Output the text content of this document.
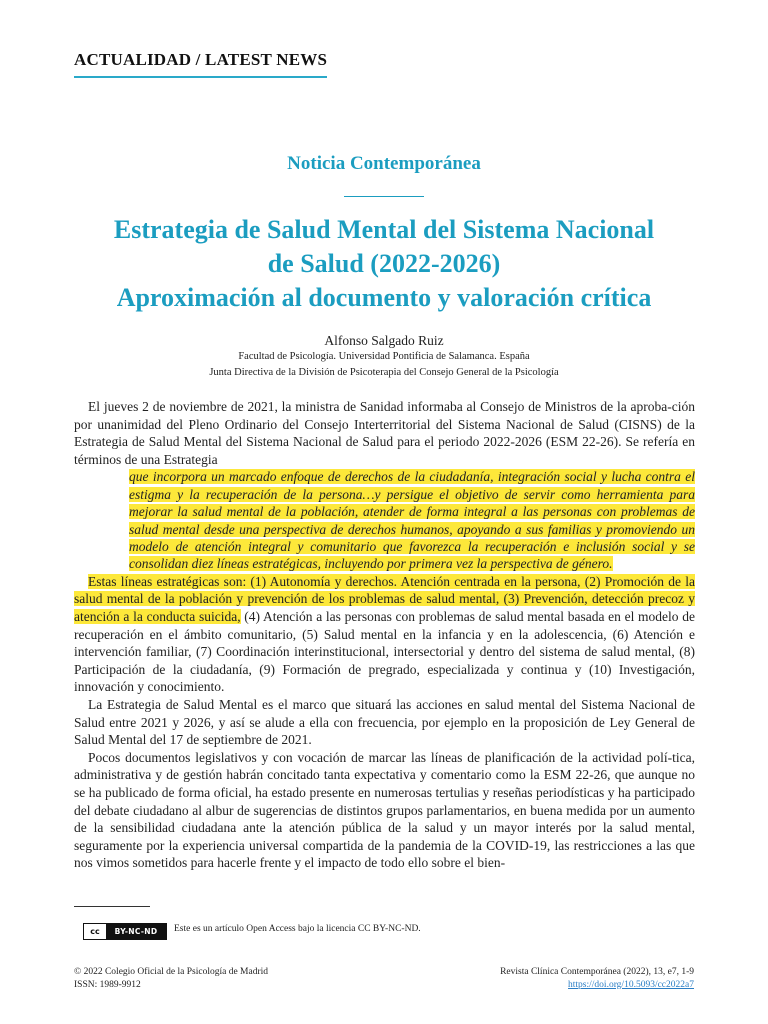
ACTUALIDAD / LATEST NEWS
Noticia Contemporánea
Estrategia de Salud Mental del Sistema Nacional
de Salud (2022-2026)
Aproximación al documento y valoración crítica
Alfonso Salgado Ruiz
Facultad de Psicología. Universidad Pontificia de Salamanca. España
Junta Directiva de la División de Psicoterapia del Consejo General de la Psicología

El jueves 2 de noviembre de 2021, la ministra de Sanidad informaba al Consejo de Ministros de la aproba-ción por unanimidad del Pleno Ordinario del Consejo Interterritorial del Sistema Nacional de Salud (CISNS) de la Estrategia de Salud Mental del Sistema Nacional de Salud para el periodo 2022-2026 (ESM 22-26). Se refería en términos de una Estrategia

que incorpora un marcado enfoque de derechos de la ciudadanía, integración social y lucha contra el estigma y la recuperación de la persona…y persigue el objetivo de servir como herramienta para mejorar la salud mental de la población, atender de forma integral a las personas con problemas de salud mental desde una perspectiva de derechos humanos, apoyando a sus familias y promoviendo un modelo de atención integral y comunitario que favorezca la recuperación e inclusión social y se consolidan diez líneas estratégicas, incluyendo por primera vez la perspectiva de género.

Estas líneas estratégicas son: (1) Autonomía y derechos. Atención centrada en la persona, (2) Promoción de la salud mental de la población y prevención de los problemas de salud mental, (3) Prevención, detección precoz y atención a la conducta suicida, (4) Atención a las personas con problemas de salud mental basada en el modelo de recuperación en el ámbito comunitario, (5) Salud mental en la infancia y en la adolescencia, (6) Atención e intervención familiar, (7) Coordinación interinstitucional, intersectorial y dentro del sistema de salud mental, (8) Participación de la ciudadanía, (9) Formación de pregrado, especializada y continua y (10) Investigación, innovación y conocimiento.

La Estrategia de Salud Mental es el marco que situará las acciones en salud mental del Sistema Nacional de Salud entre 2021 y 2026, y así se alude a ella con frecuencia, por ejemplo en la proposición de Ley General de Salud Mental del 17 de septiembre de 2021.

Pocos documentos legislativos y con vocación de marcar las líneas de planificación de la actividad polí-tica, administrativa y de gestión habrán concitado tanta expectativa y comentario como la ESM 22-26, que aunque no se ha publicado de forma oficial, ha estado presente en numerosas tertulias y reseñas periodísticas y ha participado del debate ciudadano al albur de sugerencias de distintos grupos parlamentarios, en buena medida por un aumento de la sensibilidad ciudadana ante la atención pública de la salud y un mayor interés por la salud mental, seguramente por la experiencia universal compartida de la pandemia de la COVID-19, las restricciones a las que nos vimos sometidos para hacerle frente y el impacto de todo ello sobre el bien-

cc	BY-NC-ND	Este es un artículo Open Access bajo la licencia CC BY-NC-ND.
© 2022 Colegio Oficial de la Psicología de Madrid
ISSN: 1989-9912
Revista Clínica Contemporánea (2022), 13, e7, 1-9
https://doi.org/10.5093/cc2022a7
